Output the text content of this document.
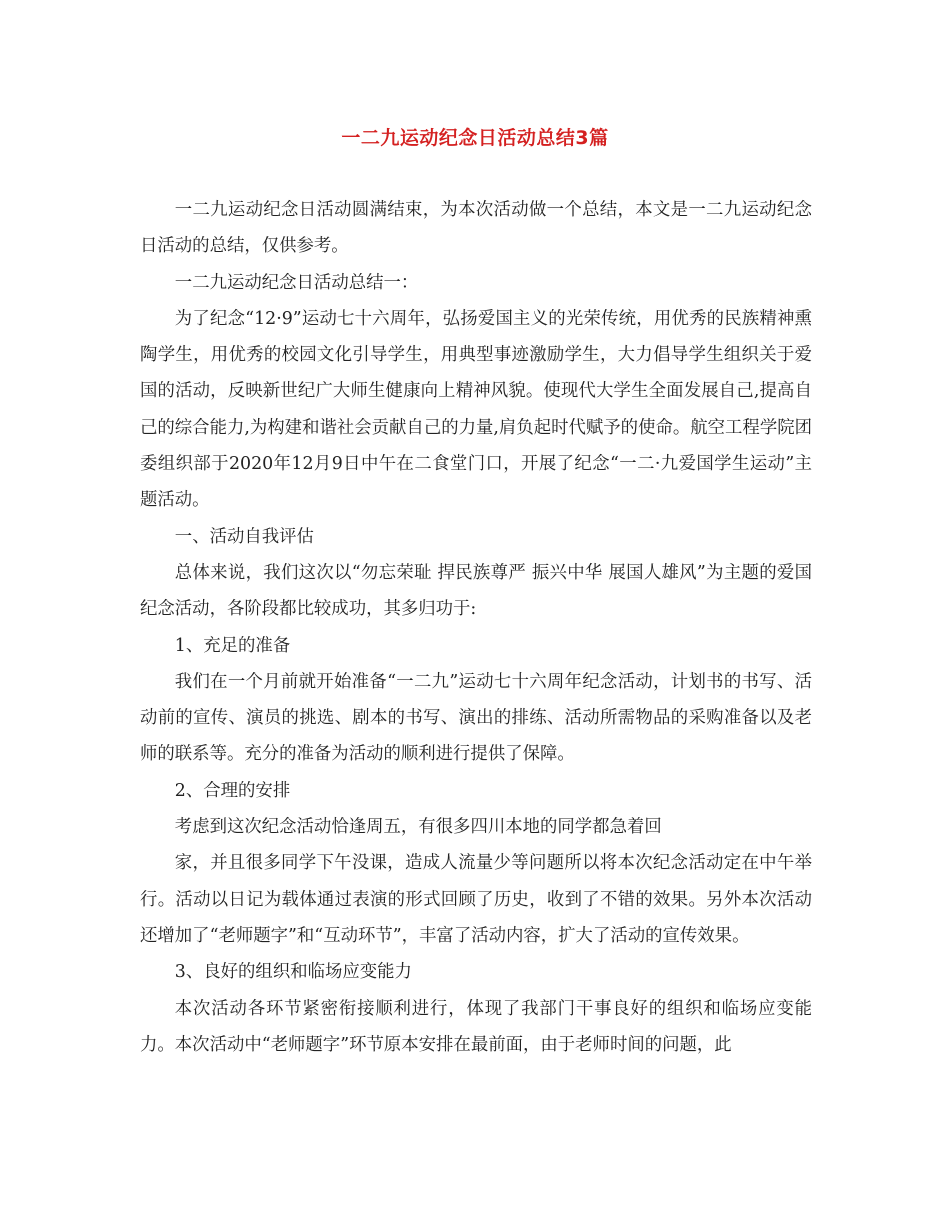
一二九运动纪念日活动总结3篇

一二九运动纪念日活动圆满结束，为本次活动做一个总结，本文是一二九运动纪念日活动的总结，仅供参考。

一二九运动纪念日活动总结一：

为了纪念“12·9”运动七十六周年，弘扬爱国主义的光荣传统，用优秀的民族精神熏陶学生，用优秀的校园文化引导学生，用典型事迹激励学生，大力倡导学生组织关于爱国的活动，反映新世纪广大师生健康向上精神风貌。使现代大学生全面发展自己,提高自己的综合能力,为构建和谐社会贡献自己的力量,肩负起时代赋予的使命。航空工程学院团委组织部于2020年12月9日中午在二食堂门口，开展了纪念“一二·九爱国学生运动”主题活动。

一、活动自我评估

总体来说，我们这次以“勿忘荣耻 捍民族尊严 振兴中华 展国人雄风”为主题的爱国纪念活动，各阶段都比较成功，其多归功于:

1、充足的准备

我们在一个月前就开始准备“一二九”运动七十六周年纪念活动，计划书的书写、活动前的宣传、演员的挑选、剧本的书写、演出的排练、活动所需物品的采购准备以及老师的联系等。充分的准备为活动的顺利进行提供了保障。

2、合理的安排

考虑到这次纪念活动恰逢周五，有很多四川本地的同学都急着回

家，并且很多同学下午没课，造成人流量少等问题所以将本次纪念活动定在中午举行。活动以日记为载体通过表演的形式回顾了历史，收到了不错的效果。另外本次活动还增加了“老师题字”和“互动环节”，丰富了活动内容，扩大了活动的宣传效果。

3、良好的组织和临场应变能力

本次活动各环节紧密衔接顺利进行，体现了我部门干事良好的组织和临场应变能力。本次活动中“老师题字”环节原本安排在最前面，由于老师时间的问题，此
